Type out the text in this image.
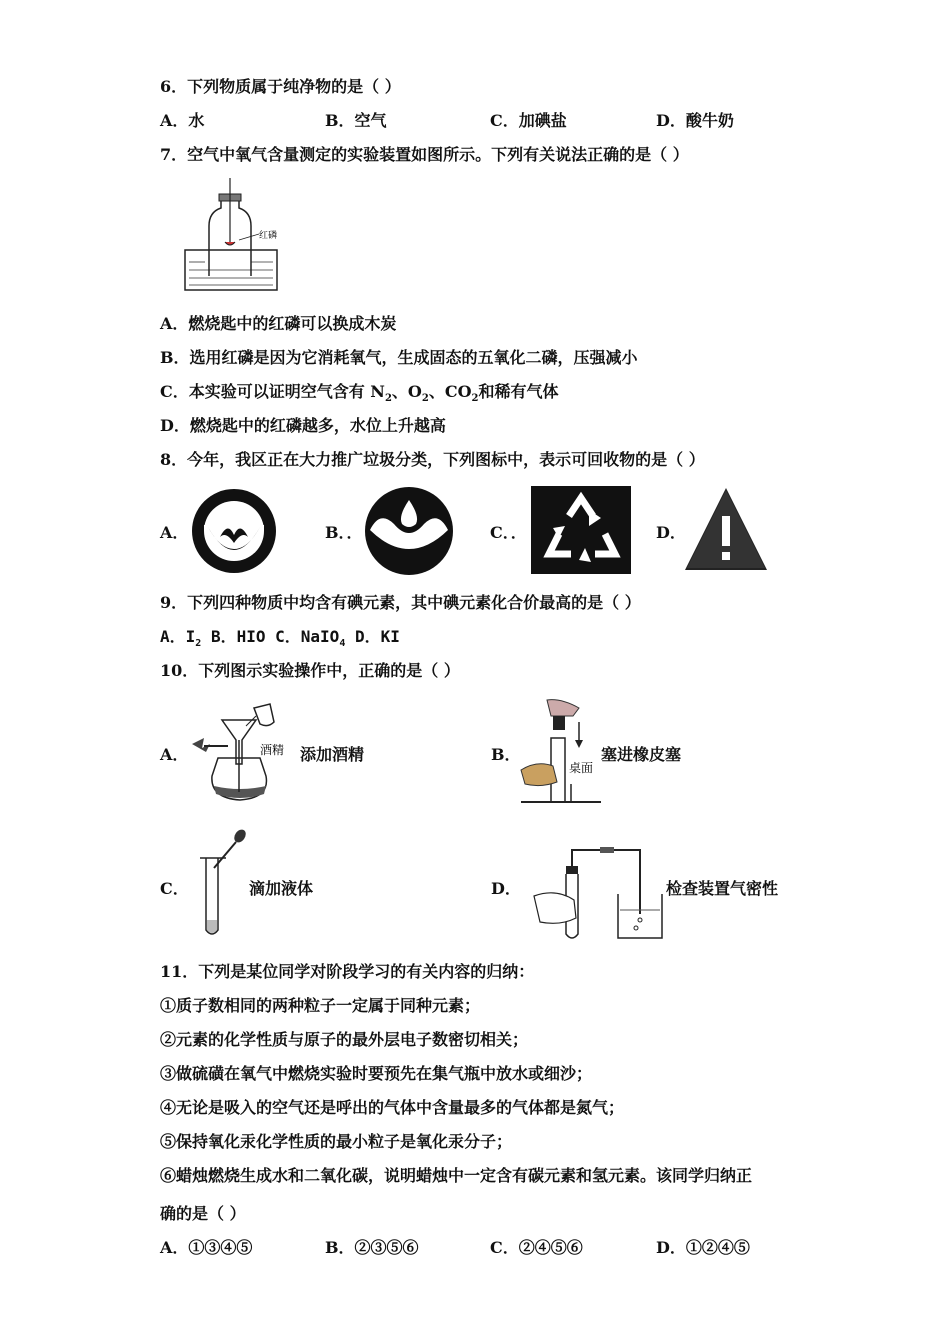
6．下列物质属于纯净物的是（ ）
A．水	B．空气	C．加碘盐	D．酸牛奶
7．空气中氧气含量测定的实验装置如图所示。下列有关说法正确的是（ ）
红磷
A．燃烧匙中的红磷可以换成木炭
B．选用红磷是因为它消耗氧气，生成固态的五氧化二磷，压强减小
C．本实验可以证明空气含有 $N_2$、$O_2$、$CO_2$和稀有气体
D．燃烧匙中的红磷越多，水位上升越高
8．今年，我区正在大力推广垃圾分类，下列图标中，表示可回收物的是（ ）
A．	B．．	C．．	D．
9．下列四种物质中均含有碘元素，其中碘元素化合价最高的是（ ）
A．$I_2$ B．HIO C．NaIO$_4$ D．KI
10．下列图示实验操作中，正确的是（ ）
A．	酒精 添加酒精	B．
桌面
塞进橡皮塞
C．	滴加液体	D．	检查装置气密性
11．下列是某位同学对阶段学习的有关内容的归纳：
①质子数相同的两种粒子一定属于同种元素；
②元素的化学性质与原子的最外层电子数密切相关；
③做硫磺在氧气中燃烧实验时要预先在集气瓶中放水或细沙；
④无论是吸入的空气还是呼出的气体中含量最多的气体都是氮气；
⑤保持氧化汞化学性质的最小粒子是氧化汞分子；
⑥蜡烛燃烧生成水和二氧化碳，说明蜡烛中一定含有碳元素和氢元素。该同学归纳正
确的是（ ）
A．①③④⑤	B．②③⑤⑥	C．②④⑤⑥	D．①②④⑤
